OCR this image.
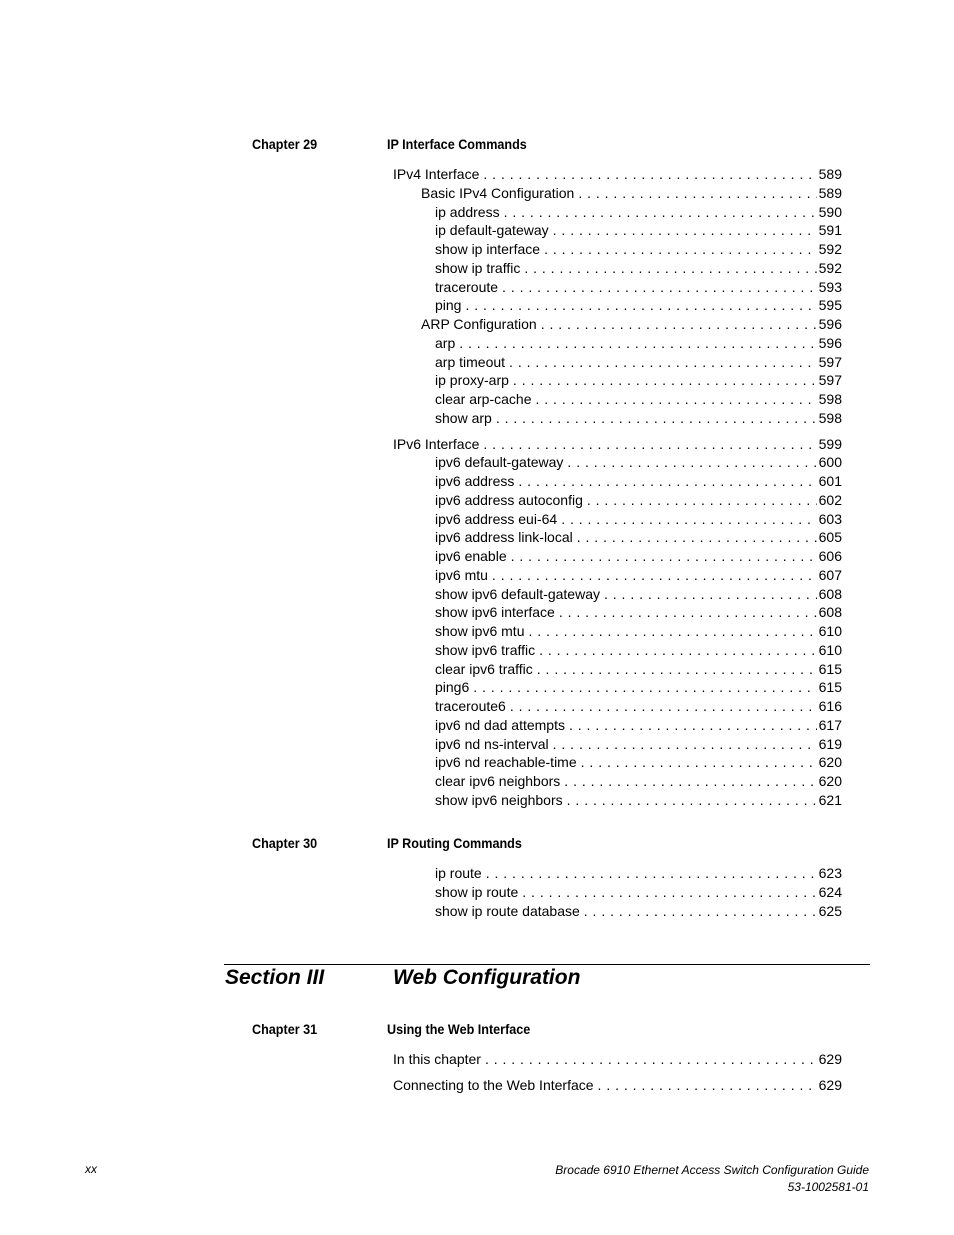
Chapter 29	IP Interface Commands
IPv4 Interface . . .	589
Basic IPv4 Configuration . . .	589
ip address . . .	590
ip default-gateway . . .	591
show ip interface . . .	592
show ip traffic . . .	592
traceroute . . .	593
ping . . .	595
ARP Configuration . . .	596
arp . . .	596
arp timeout . . .	597
ip proxy-arp . . .	597
clear arp-cache . . .	598
show arp . . .	598
IPv6 Interface . . .	599
ipv6 default-gateway . . .	600
ipv6 address . . .	601
ipv6 address autoconfig . . .	602
ipv6 address eui-64 . . .	603
ipv6 address link-local . . .	605
ipv6 enable . . .	606
ipv6 mtu . . .	607
show ipv6 default-gateway . . .	608
show ipv6 interface . . .	608
show ipv6 mtu . . .	610
show ipv6 traffic . . .	610
clear ipv6 traffic . . .	615
ping6 . . .	615
traceroute6 . . .	616
ipv6 nd dad attempts . . .	617
ipv6 nd ns-interval . . .	619
ipv6 nd reachable-time . . .	620
clear ipv6 neighbors . . .	620
show ipv6 neighbors . . .	621
Chapter 30	IP Routing Commands
ip route . . .	623
show ip route . . .	624
show ip route database . . .	625
Section III	Web Configuration
Chapter 31	Using the Web Interface
In this chapter . . .	629
Connecting to the Web Interface . . .	629
xx	Brocade 6910 Ethernet Access Switch Configuration Guide
53-1002581-01
